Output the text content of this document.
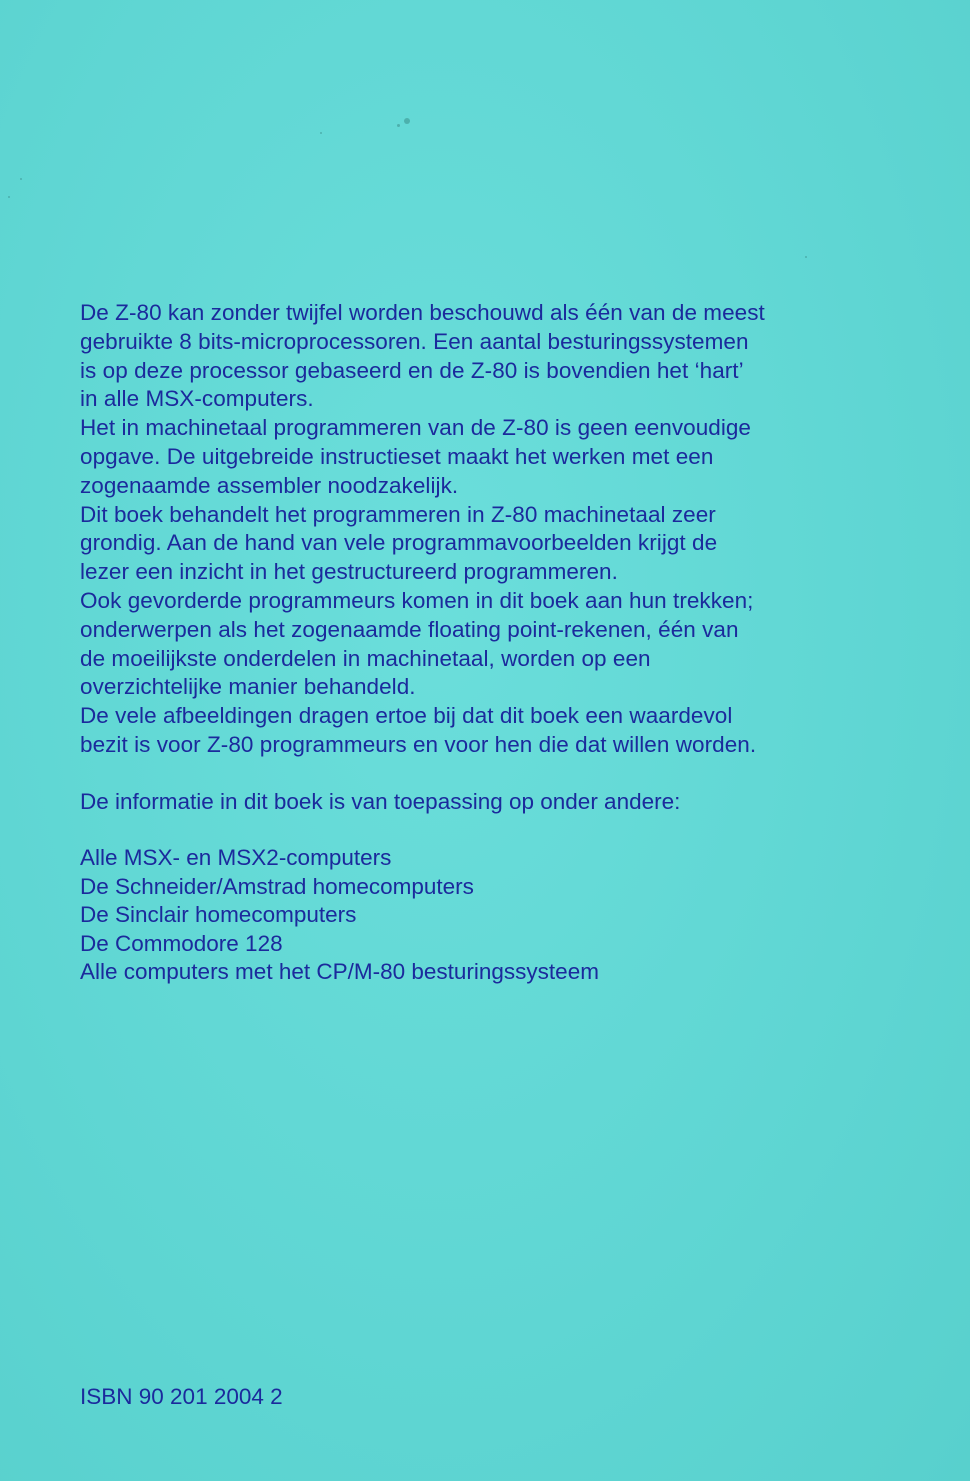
De Z-80 kan zonder twijfel worden beschouwd als één van de meest
gebruikte 8 bits-microprocessoren. Een aantal besturingssystemen
is op deze processor gebaseerd en de Z-80 is bovendien het ‘hart’
in alle MSX-computers.
Het in machinetaal programmeren van de Z-80 is geen eenvoudige
opgave. De uitgebreide instructieset maakt het werken met een
zogenaamde assembler noodzakelijk.
Dit boek behandelt het programmeren in Z-80 machinetaal zeer
grondig. Aan de hand van vele programmavoorbeelden krijgt de
lezer een inzicht in het gestructureerd programmeren.
Ook gevorderde programmeurs komen in dit boek aan hun trekken;
onderwerpen als het zogenaamde floating point-rekenen, één van
de moeilijkste onderdelen in machinetaal, worden op een
overzichtelijke manier behandeld.
De vele afbeeldingen dragen ertoe bij dat dit boek een waardevol
bezit is voor Z-80 programmeurs en voor hen die dat willen worden.
De informatie in dit boek is van toepassing op onder andere:
Alle MSX- en MSX2-computers
De Schneider/Amstrad homecomputers
De Sinclair homecomputers
De Commodore 128
Alle computers met het CP/M-80 besturingssysteem
ISBN 90 201 2004 2
